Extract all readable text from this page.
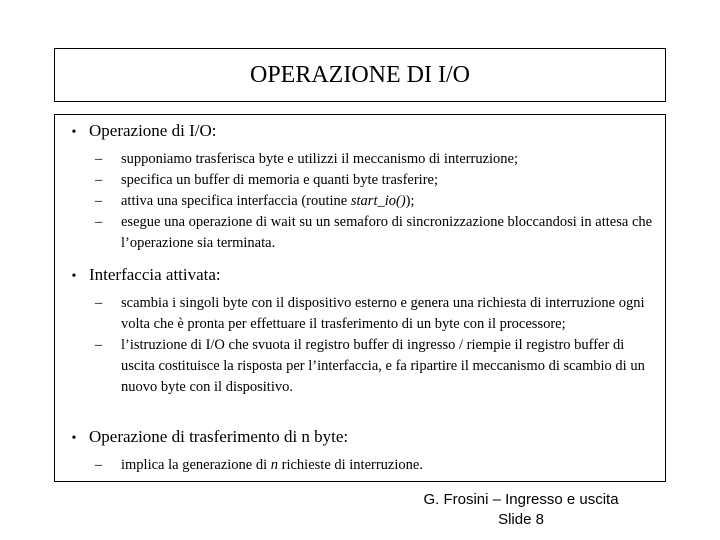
OPERAZIONE DI I/O
• Operazione di I/O:
–	supponiamo trasferisca byte e utilizzi il meccanismo di interruzione;
–	specifica un buffer di memoria e quanti byte trasferire;
–	attiva una specifica interfaccia (routine start_io());
–	esegue una operazione di wait su un semaforo di sincronizzazione bloccandosi in attesa che l’operazione sia terminata.
• Interfaccia attivata:
–	scambia i singoli byte con il dispositivo esterno e genera una richiesta di interruzione ogni volta che è pronta per effettuare il trasferimento di un byte con il processore;
–	l’istruzione di I/O che svuota il registro buffer di ingresso / riempie il registro buffer di uscita costituisce la risposta per l’interfaccia, e fa ripartire il meccanismo di scambio di un nuovo byte con il dispositivo.
• Operazione di trasferimento di n byte:
–	implica la generazione di n richieste di interruzione.
G. Frosini – Ingresso e uscita
Slide 8
